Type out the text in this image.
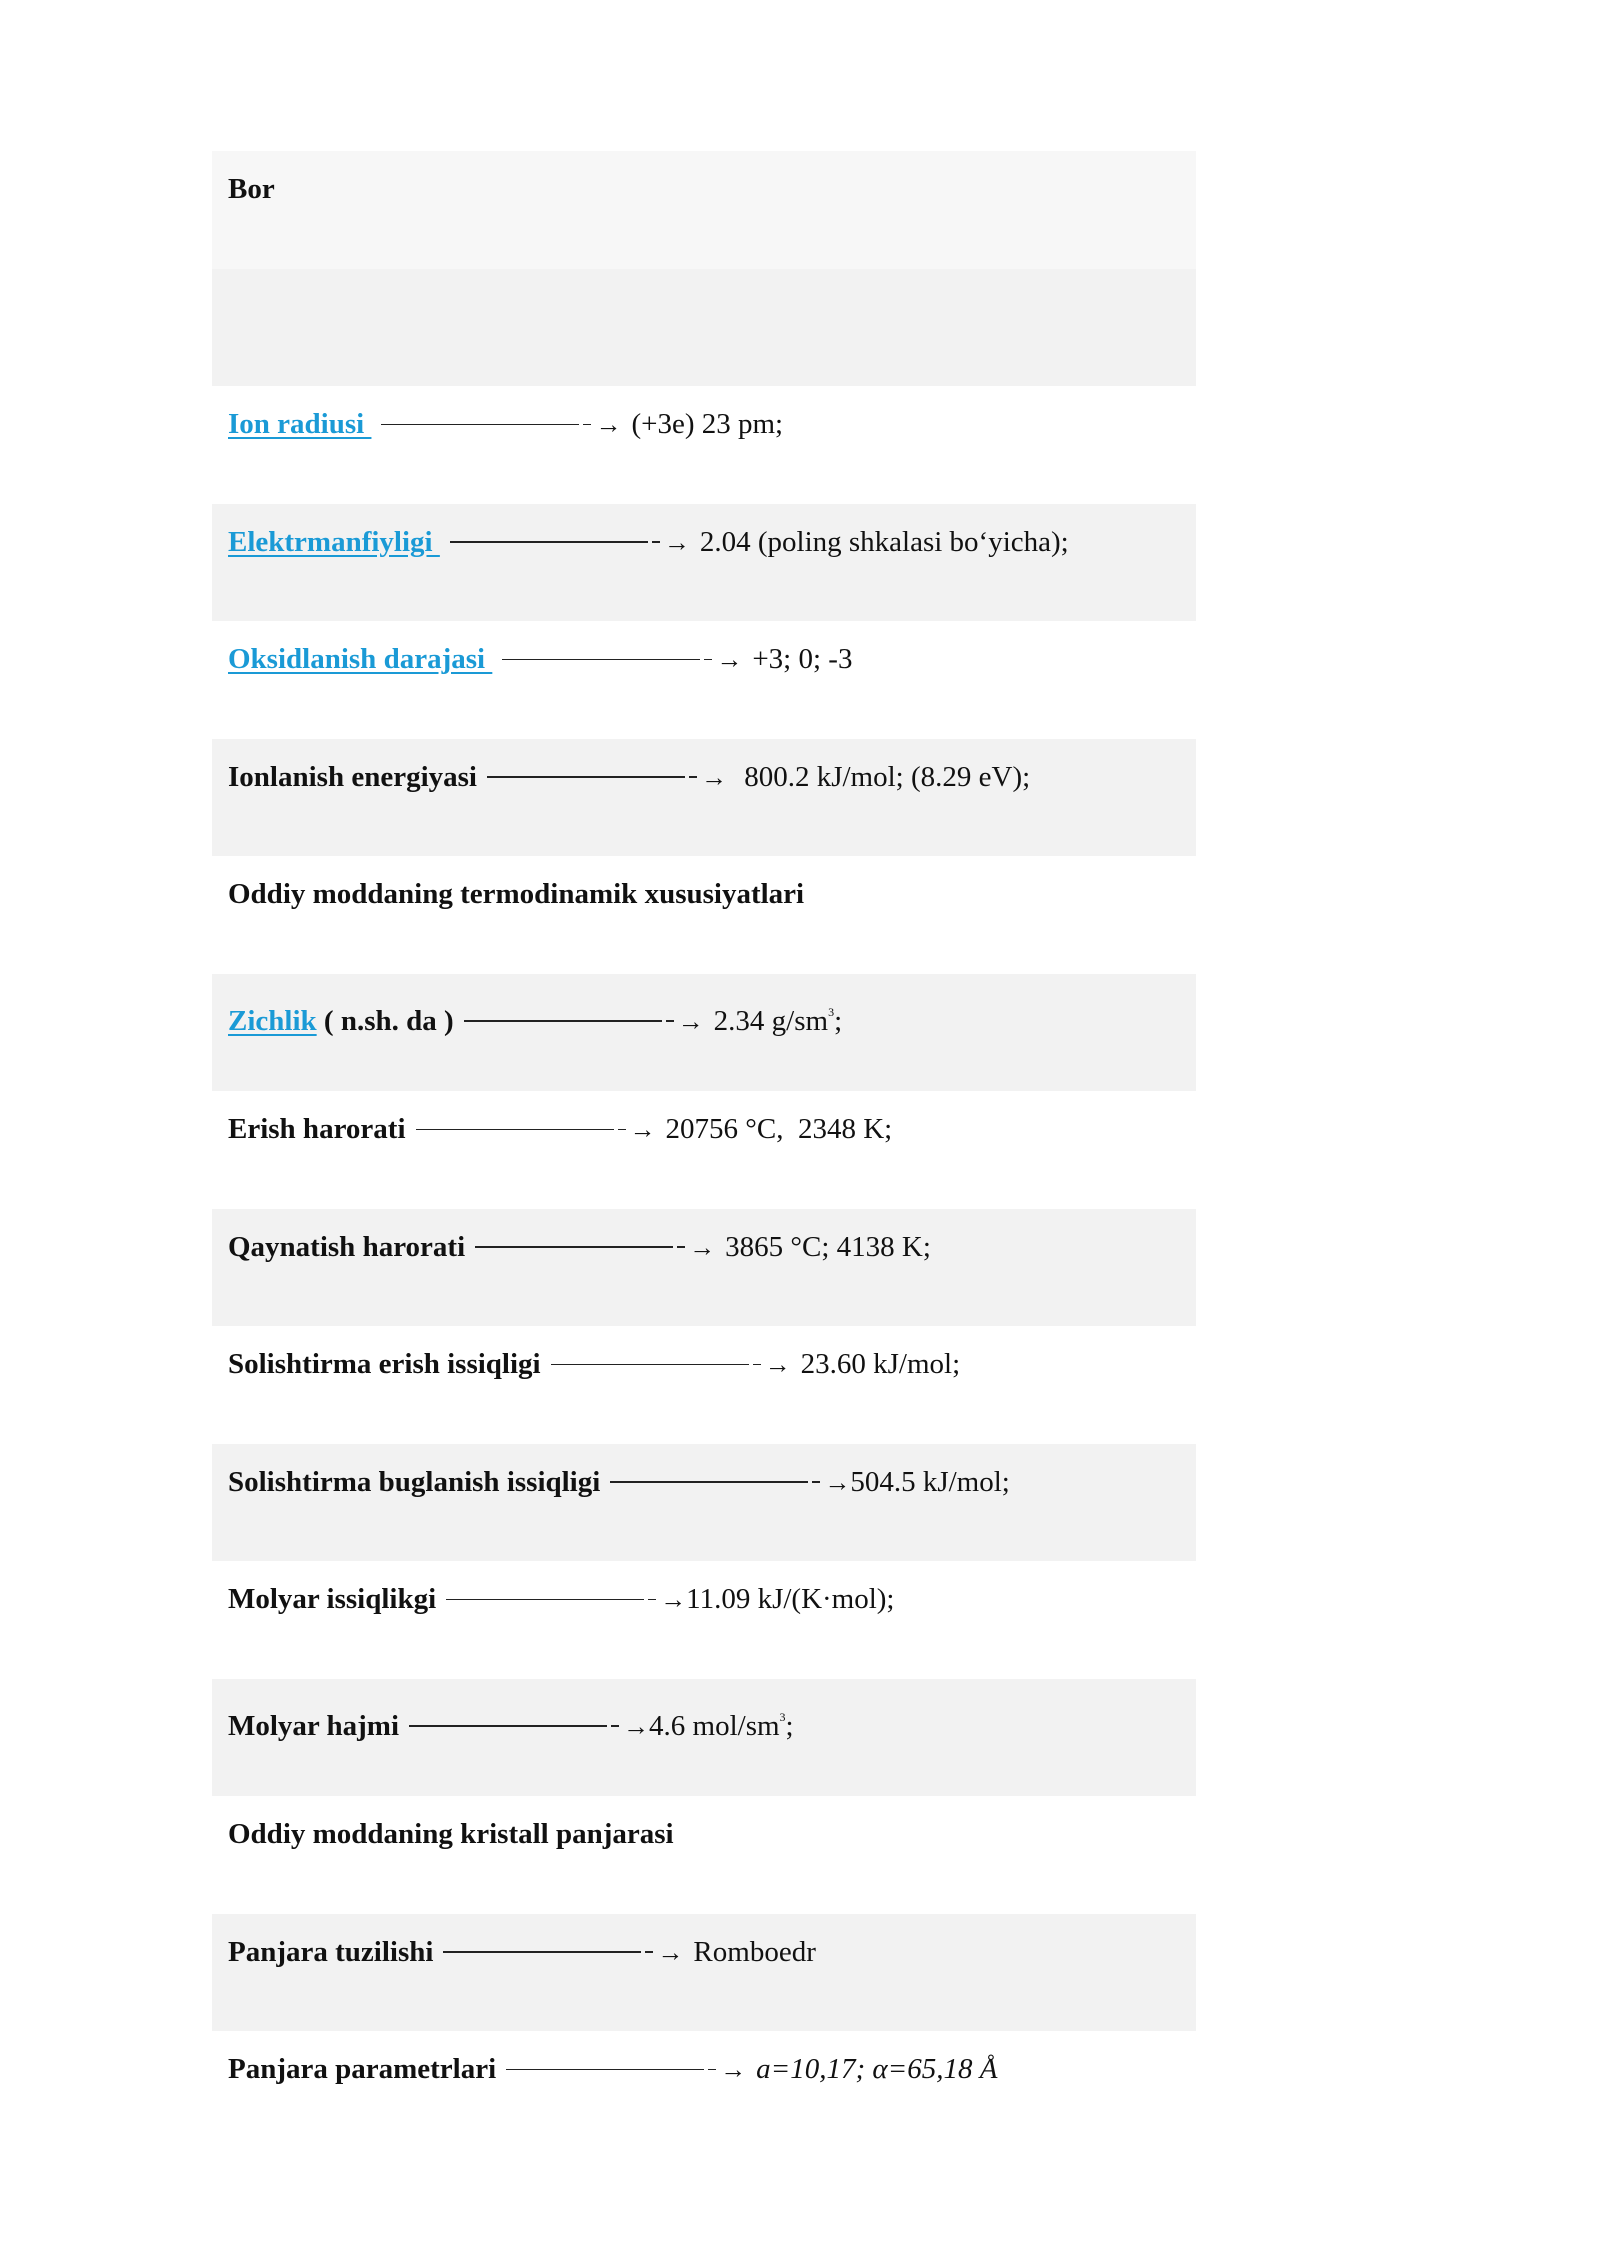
Bor
Ion radiusi	→ (+3e) 23 pm;
Elektrmanfiyligi	→ 2.04 (poling shkalasi bo‘yicha);
Oksidlanish darajasi	→ +3; 0; -3
Ionlanish energiyasi	→ 800.2 kJ/mol; (8.29 eV);
Oddiy moddaning termodinamik xususiyatlari
Zichlik ( n.sh. da )	→ 2.34 $g/sm^3$;
Erish harorati	→ 20756 °C,  2348 K;
Qaynatish harorati	→ 3865 °C; 4138 K;
Solishtirma erish issiqligi	→ 23.60 kJ/mol;
Solishtirma buglanish issiqligi	→504.5 kJ/mol;
Molyar issiqlikgi	→11.09 kJ/(K·mol);
Molyar hajmi	→4.6 mol/$sm^3$;
Oddiy moddaning kristall panjarasi
Panjara tuzilishi	→ Romboedr
Panjara parametrlari	→ a=10,17; α=65,18 Å
